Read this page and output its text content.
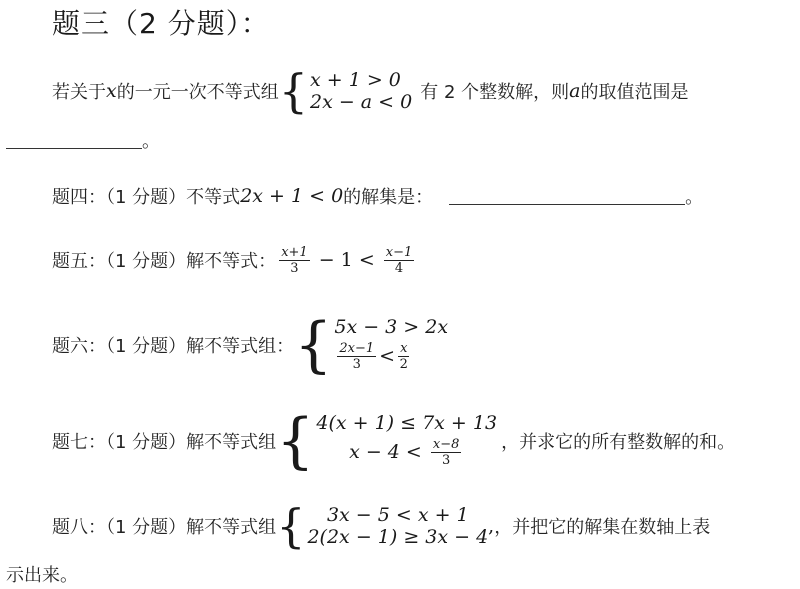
题三（2 分题）：
若关于 x 的一元一次不等式组 { x + 1 > 0
2x − a < 0 有 2 个整数解，则 a 的取值范围是
。
题四：（1 分题）不等式 2x + 1 < 0 的解集是：	。
题五：（1 分题）解不等式： $\frac{x+1}{3} - 1 < \frac{x-1}{4}$
题六：（1 分题）解不等式组： { 5x − 3 > 2x
$\frac{2x-1}{3} < \frac{x}{2}$
题七：（1 分题）解不等式组 { 4(x + 1) ≤ 7x + 13
$x - 4 < \frac{x-8}{3}$ ，并求它的所有整数解的和。
题八：（1 分题）解不等式组 { 3x − 5 < x + 1
2(2x − 1) ≥ 3x − 4 , ，并把它的解集在数轴上表
示出来。
